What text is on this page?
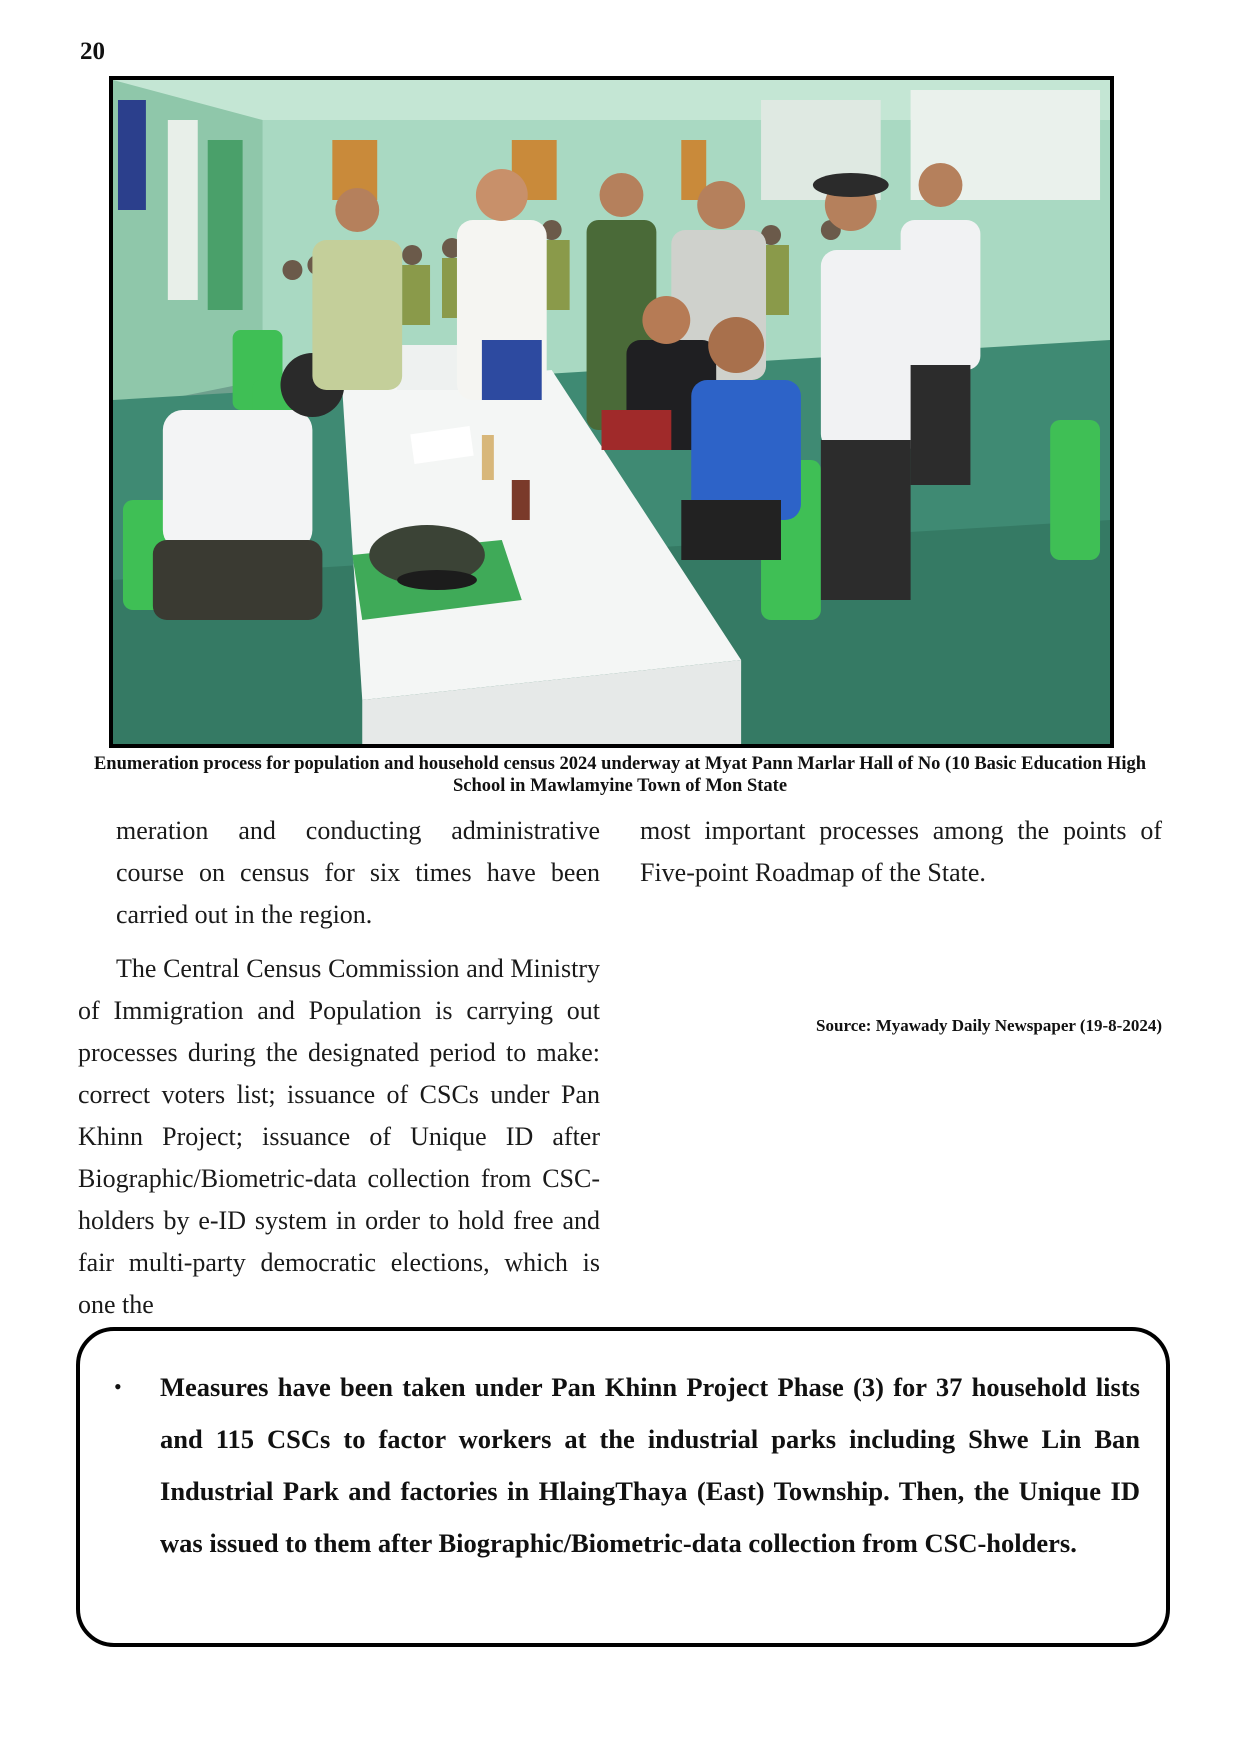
20
Enumeration process for population and household census 2024 underway at Myat Pann Marlar Hall of No (10 Basic Education High School in Mawlamyine Town of Mon State

meration and conducting administrative course on census for six times have been carried out in the region.

The Central Census Commission and Ministry of Immigration and Population is carrying out processes during the designated period to make: correct voters list; issuance of CSCs under Pan Khinn Project; issuance of Unique ID after Biographic/Biometric-data collection from CSC-holders by e-ID system in order to hold free and fair multi-party democratic elections, which is one the

most important processes among the points of Five-point Roadmap of the State.

Source: Myawady Daily Newspaper (19-8-2024)
• Measures have been taken under Pan Khinn Project Phase (3) for 37 household lists and 115 CSCs to factor workers at the industrial parks including Shwe Lin Ban Industrial Park and factories in HlaingThaya (East) Township. Then, the Unique ID was issued to them after Biographic/Biometric-data collection from CSC-holders.
